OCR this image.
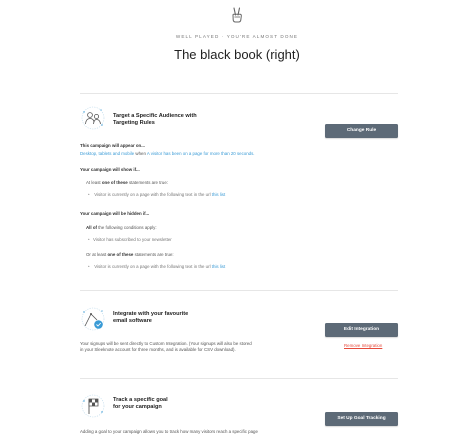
WELL PLAYED · YOU'RE ALMOST DONE
The black book (right)
Target a Specific Audience with
Targeting Rules
Change Rule
This campaign will appear on...
Desktop, tablets and mobile when A visitor has been on a page for more than 20 seconds.
Your campaign will show if...
At least one of these statements are true:
• Visitor is currently on a page with the following text in the url this list
Your campaign will be hidden if...
All of the following conditions apply:
• Visitor has subscribed to your newsletter
Or at least one of these statements are true:
• Visitor is currently on a page with the following text in the url this list
Integrate with your favourite
email software
Edit Integration
Remove Integration
Your signups will be sent directly to Custom Integration. (Your signups will also be stored
in your Sleeknote account for three months, and is available for CSV download).
Track a specific goal
for your campaign
Set Up Goal Tracking
Adding a goal to your campaign allows you to track how many visitors reach a specific page
